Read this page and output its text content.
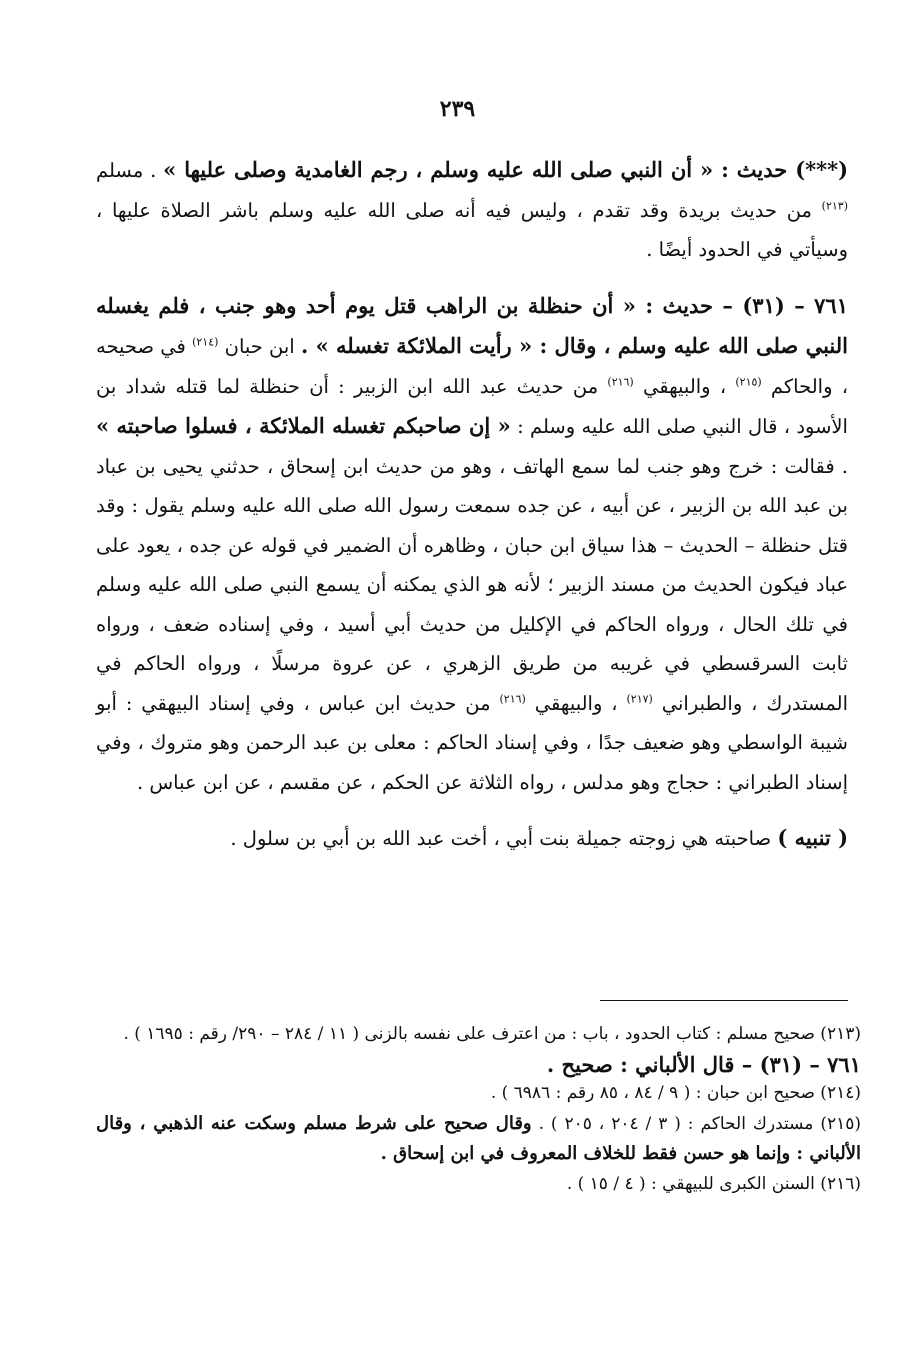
٢٣٩

(***) حديث : « أن النبي صلى الله عليه وسلم ، رجم الغامدية وصلى عليها » . مسلم $^{(٢١٣)}$ من حديث بريدة وقد تقدم ، وليس فيه أنه صلى الله عليه وسلم باشر الصلاة عليها ، وسيأتي في الحدود أيضًا .

٧٦١ – (٣١) – حديث : « أن حنظلة بن الراهب قتل يوم أحد وهو جنب ، فلم يغسله النبي صلى الله عليه وسلم ، وقال : « رأيت الملائكة تغسله » . ابن حبان $^{(٢١٤)}$ في صحيحه ، والحاكم $^{(٢١٥)}$ ، والبيهقي $^{(٢١٦)}$ من حديث عبد الله ابن الزبير : أن حنظلة لما قتله شداد بن الأسود ، قال النبي صلى الله عليه وسلم : « إن صاحبكم تغسله الملائكة ، فسلوا صاحبته » . فقالت : خرج وهو جنب لما سمع الهاتف ، وهو من حديث ابن إسحاق ، حدثني يحيى بن عباد بن عبد الله بن الزبير ، عن أبيه ، عن جده سمعت رسول الله صلى الله عليه وسلم يقول : وقد قتل حنظلة – الحديث – هذا سياق ابن حبان ، وظاهره أن الضمير في قوله عن جده ، يعود على عباد فيكون الحديث من مسند الزبير ؛ لأنه هو الذي يمكنه أن يسمع النبي صلى الله عليه وسلم في تلك الحال ، ورواه الحاكم في الإكليل من حديث أبي أسيد ، وفي إسناده ضعف ، ورواه ثابت السرقسطي في غريبه من طريق الزهري ، عن عروة مرسلًا ، ورواه الحاكم في المستدرك ، والطبراني $^{(٢١٧)}$ ، والبيهقي $^{(٢١٦)}$ من حديث ابن عباس ، وفي إسناد البيهقي : أبو شيبة الواسطي وهو ضعيف جدًا ، وفي إسناد الحاكم : معلى بن عبد الرحمن وهو متروك ، وفي إسناد الطبراني : حجاج وهو مدلس ، رواه الثلاثة عن الحكم ، عن مقسم ، عن ابن عباس .

( تنبيه ) صاحبته هي زوجته جميلة بنت أبي ، أخت عبد الله بن أبي بن سلول .

(٢١٣) صحيح مسلم : كتاب الحدود ، باب : من اعترف على نفسه بالزنى ( ١١ / ٢٨٤ – ٢٩٠/ رقم : ١٦٩٥ ) .

٧٦١ – (٣١) – قال الألباني : صحيح .

(٢١٤) صحيح ابن حبان : ( ٩ / ٨٤ ، ٨٥ رقم : ٦٩٨٦ ) .

(٢١٥) مستدرك الحاكم : ( ٣ / ٢٠٤ ، ٢٠٥ ) . وقال صحيح على شرط مسلم وسكت عنه الذهبي ، وقال الألباني : وإنما هو حسن فقط للخلاف المعروف في ابن إسحاق .

(٢١٦) السنن الكبرى للبيهقي : ( ٤ / ١٥ ) .
